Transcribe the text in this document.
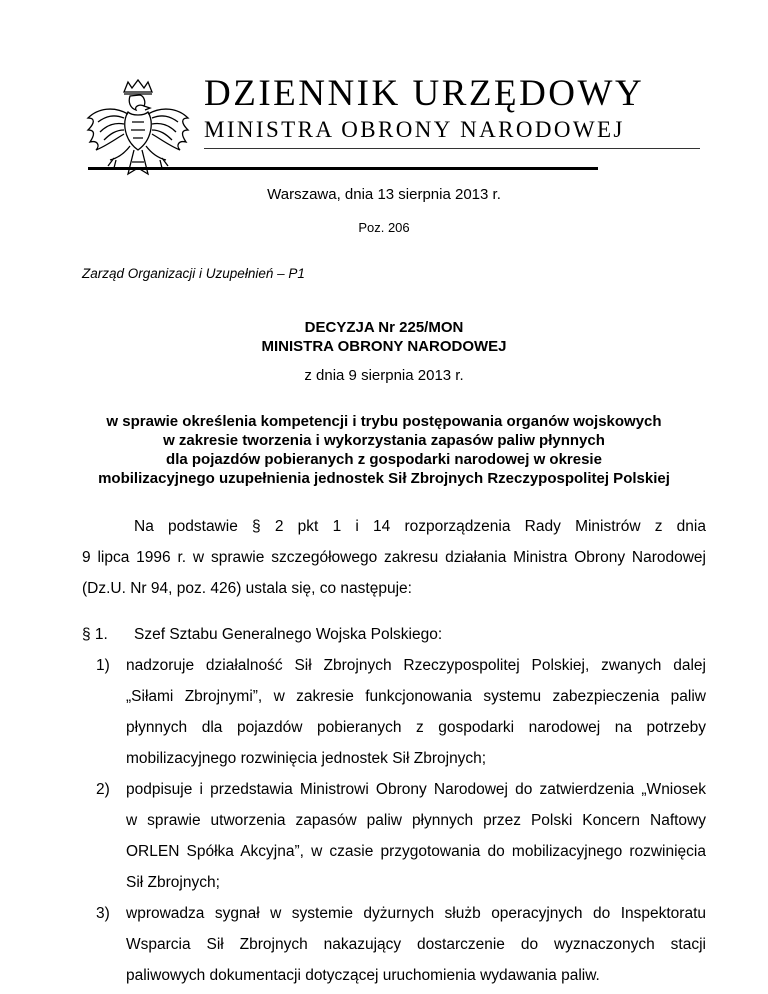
DZIENNIK URZĘDOWY
MINISTRA OBRONY NARODOWEJ
Warszawa, dnia 13 sierpnia 2013 r.
Poz. 206
Zarząd Organizacji i Uzupełnień – P1
DECYZJA Nr 225/MON
MINISTRA OBRONY NARODOWEJ
z dnia 9 sierpnia 2013 r.
w sprawie określenia kompetencji i trybu postępowania organów wojskowych
w zakresie tworzenia i wykorzystania zapasów paliw płynnych
dla pojazdów pobieranych z gospodarki narodowej w okresie
mobilizacyjnego uzupełnienia jednostek Sił Zbrojnych Rzeczypospolitej Polskiej
Na podstawie § 2 pkt 1 i 14 rozporządzenia Rady Ministrów z dnia
9 lipca 1996 r. w sprawie szczegółowego zakresu działania Ministra Obrony Narodowej
(Dz.U. Nr 94, poz. 426) ustala się, co następuje:
§ 1. Szef Sztabu Generalnego Wojska Polskiego:
1) nadzoruje działalność Sił Zbrojnych Rzeczypospolitej Polskiej, zwanych dalej
„Siłami Zbrojnymi”, w zakresie funkcjonowania systemu zabezpieczenia paliw
płynnych dla pojazdów pobieranych z gospodarki narodowej na potrzeby
mobilizacyjnego rozwinięcia jednostek Sił Zbrojnych;
2) podpisuje i przedstawia Ministrowi Obrony Narodowej do zatwierdzenia „Wniosek
w sprawie utworzenia zapasów paliw płynnych przez Polski Koncern Naftowy
ORLEN Spółka Akcyjna”, w czasie przygotowania do mobilizacyjnego rozwinięcia
Sił Zbrojnych;
3) wprowadza sygnał w systemie dyżurnych służb operacyjnych do Inspektoratu
Wsparcia Sił Zbrojnych nakazujący dostarczenie do wyznaczonych stacji
paliwowych dokumentacji dotyczącej uruchomienia wydawania paliw.
